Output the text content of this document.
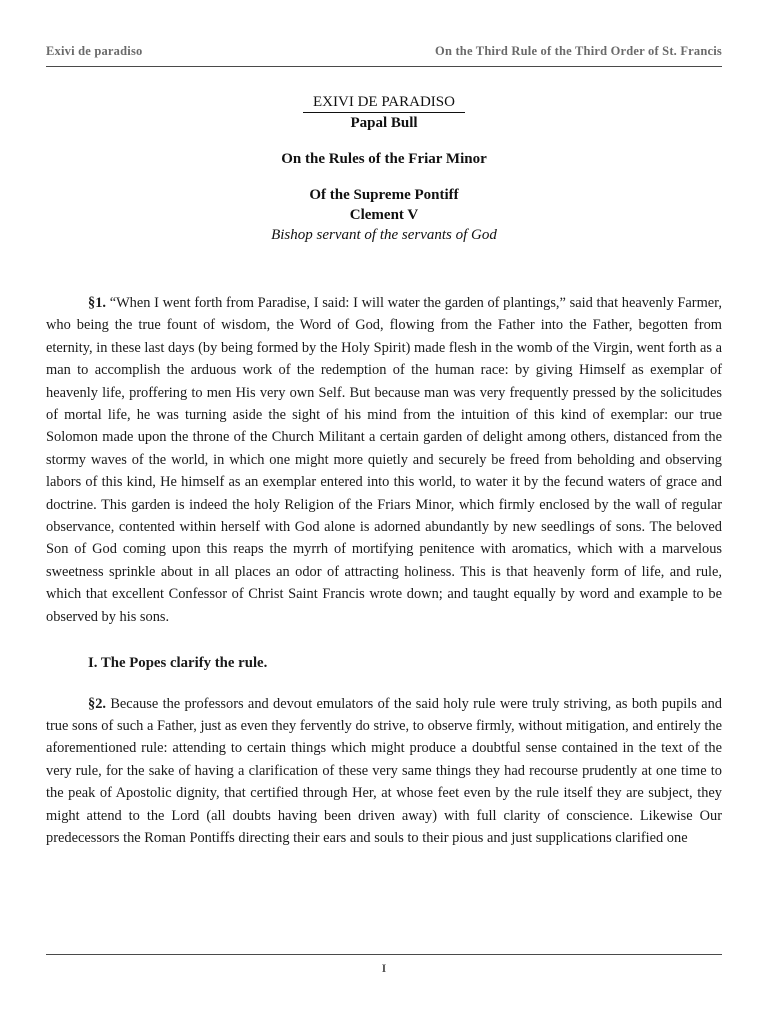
Exivi de paradiso	On the Third Rule of the Third Order of St. Francis
EXIVI DE PARADISO
Papal Bull
On the Rules of the Friar Minor
Of the Supreme Pontiff
Clement V
Bishop servant of the servants of God

§1. “When I went forth from Paradise, I said: I will water the garden of plantings,” said that heavenly Farmer, who being the true fount of wisdom, the Word of God, flowing from the Father into the Father, begotten from eternity, in these last days (by being formed by the Holy Spirit) made flesh in the womb of the Virgin, went forth as a man to accomplish the arduous work of the redemption of the human race: by giving Himself as exemplar of heavenly life, proffering to men His very own Self. But because man was very frequently pressed by the solicitudes of mortal life, he was turning aside the sight of his mind from the intuition of this kind of exemplar: our true Solomon made upon the throne of the Church Militant a certain garden of delight among others, distanced from the stormy waves of the world, in which one might more quietly and securely be freed from beholding and observing labors of this kind, He himself as an exemplar entered into this world, to water it by the fecund waters of grace and doctrine. This garden is indeed the holy Religion of the Friars Minor, which firmly enclosed by the wall of regular observance, contented within herself with God alone is adorned abundantly by new seedlings of sons. The beloved Son of God coming upon this reaps the myrrh of mortifying penitence with aromatics, which with a marvelous sweetness sprinkle about in all places an odor of attracting holiness. This is that heavenly form of life, and rule, which that excellent Confessor of Christ Saint Francis wrote down; and taught equally by word and example to be observed by his sons.

I. The Popes clarify the rule.

§2. Because the professors and devout emulators of the said holy rule were truly striving, as both pupils and true sons of such a Father, just as even they fervently do strive, to observe firmly, without mitigation, and entirely the aforementioned rule: attending to certain things which might produce a doubtful sense contained in the text of the very rule, for the sake of having a clarification of these very same things they had recourse prudently at one time to the peak of Apostolic dignity, that certified through Her, at whose feet even by the rule itself they are subject, they might attend to the Lord (all doubts having been driven away) with full clarity of conscience. Likewise Our predecessors the Roman Pontiffs directing their ears and souls to their pious and just supplications clarified one

I
